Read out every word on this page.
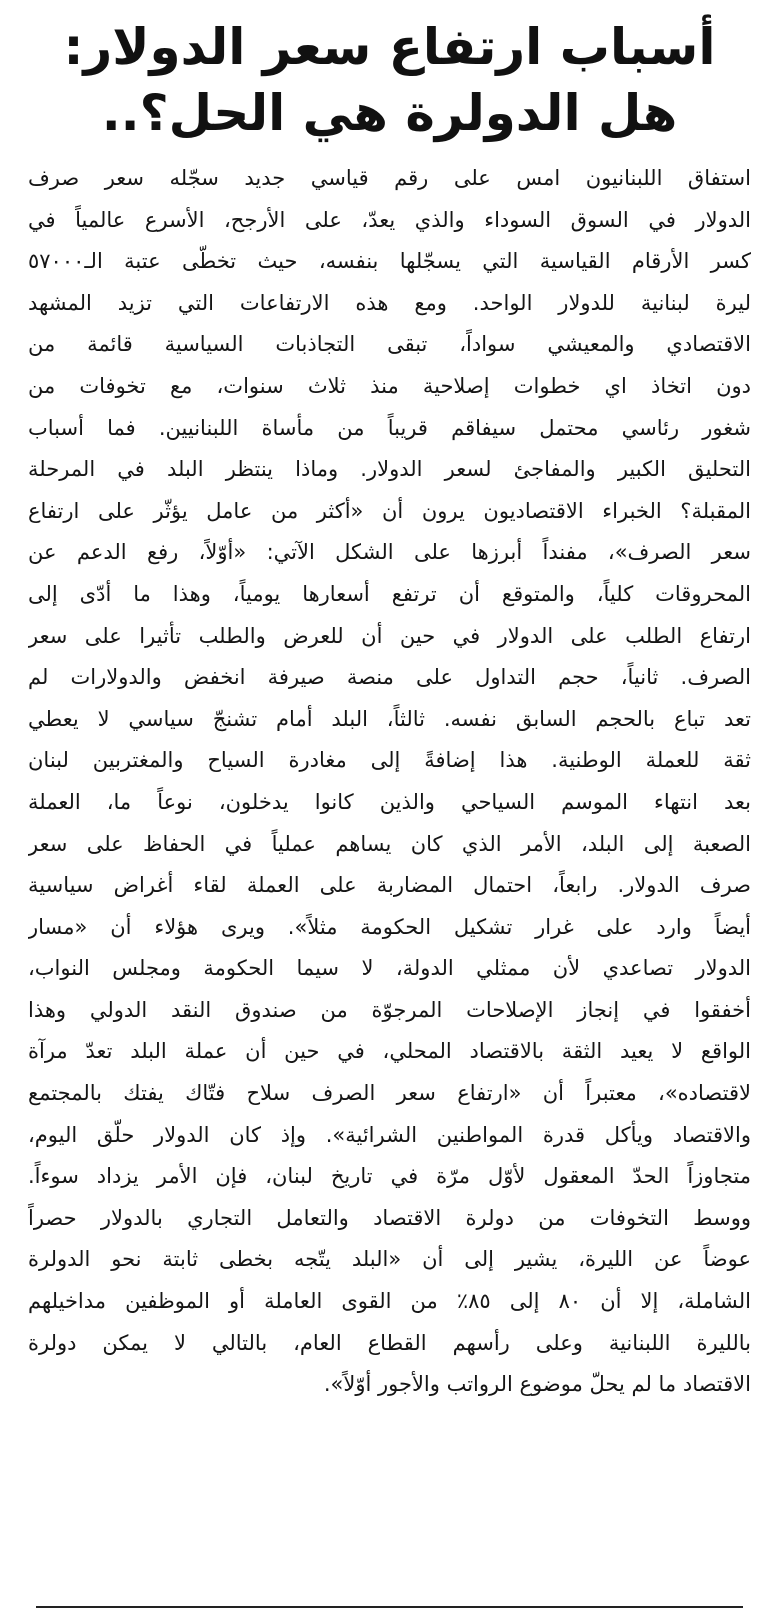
أسباب ارتفاع سعر الدولار:
هل الدولرة هي الحل؟..
استفاق اللبنانيون امس على رقم قياسي جديد سجّله سعر صرف
الدولار في السوق السوداء والذي يعدّ، على الأرجح، الأسرع عالمياً في
كسر الأرقام القياسية التي يسجّلها بنفسه، حيث تخطّى عتبة الـ٥٧٠٠٠
ليرة لبنانية للدولار الواحد. ومع هذه الارتفاعات التي تزيد المشهد
الاقتصادي والمعيشي سواداً، تبقى التجاذبات السياسية قائمة من
دون اتخاذ اي خطوات إصلاحية منذ ثلاث سنوات، مع تخوفات من
شغور رئاسي محتمل سيفاقم قريباً من مأساة اللبنانيين. فما أسباب
التحليق الكبير والمفاجئ لسعر الدولار. وماذا ينتظر البلد في المرحلة
المقبلة؟ الخبراء الاقتصاديون يرون أن «أكثر من عامل يؤثّر على ارتفاع
سعر الصرف»، مفنداً أبرزها على الشكل الآتي: «أوّلاً، رفع الدعم عن
المحروقات كلياً، والمتوقع أن ترتفع أسعارها يومياً، وهذا ما أدّى إلى
ارتفاع الطلب على الدولار في حين أن للعرض والطلب تأثيرا على سعر
الصرف. ثانياً، حجم التداول على منصة صيرفة انخفض والدولارات لم
تعد تباع بالحجم السابق نفسه. ثالثاً، البلد أمام تشنجّ سياسي لا يعطي
ثقة للعملة الوطنية. هذا إضافةً إلى مغادرة السياح والمغتربين لبنان
بعد انتهاء الموسم السياحي والذين كانوا يدخلون، نوعاً ما، العملة
الصعبة إلى البلد، الأمر الذي كان يساهم عملياً في الحفاظ على سعر
صرف الدولار. رابعاً، احتمال المضاربة على العملة لقاء أغراض سياسية
أيضاً وارد على غرار تشكيل الحكومة مثلاً». ويرى هؤلاء أن «مسار
الدولار تصاعدي لأن ممثلي الدولة، لا سيما الحكومة ومجلس النواب،
أخفقوا في إنجاز الإصلاحات المرجوّة من صندوق النقد الدولي وهذا
الواقع لا يعيد الثقة بالاقتصاد المحلي، في حين أن عملة البلد تعدّ مرآة
لاقتصاده»، معتبراً أن «ارتفاع سعر الصرف سلاح فتّاك يفتك بالمجتمع
والاقتصاد ويأكل قدرة المواطنين الشرائية». وإذ كان الدولار حلّق اليوم،
متجاوزاً الحدّ المعقول لأوّل مرّة في تاريخ لبنان، فإن الأمر يزداد سوءاً.
ووسط التخوفات من دولرة الاقتصاد والتعامل التجاري بالدولار حصراً
عوضاً عن الليرة، يشير إلى أن «البلد يتّجه بخطى ثابتة نحو الدولرة
الشاملة، إلا أن ٨٠ إلى ٨٥٪ من القوى العاملة أو الموظفين مداخيلهم
بالليرة اللبنانية وعلى رأسهم القطاع العام، بالتالي لا يمكن دولرة
الاقتصاد ما لم يحلّ موضوع الرواتب والأجور أوّلاً».
